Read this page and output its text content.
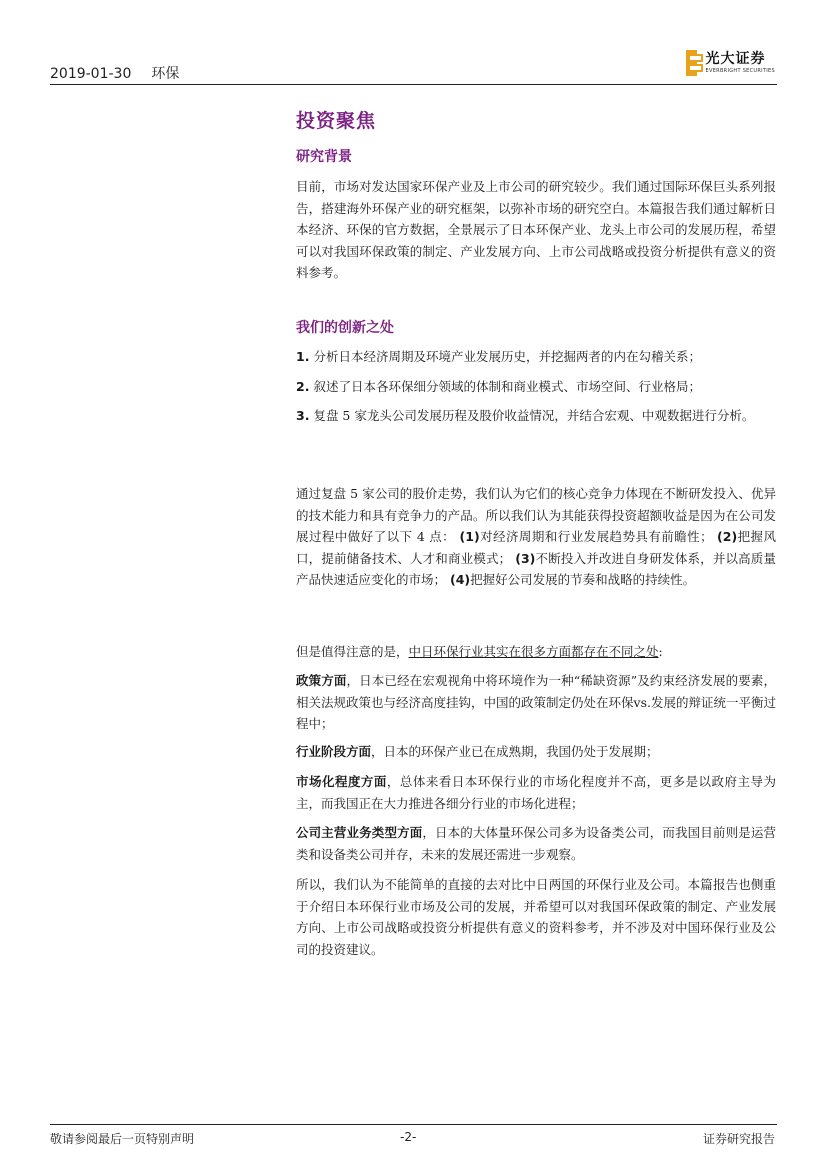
2019-01-30 环保
光大证券
EVERBRIGHT SECURITIES
投资聚焦
研究背景
目前，市场对发达国家环保产业及上市公司的研究较少。我们通过国际环保巨头系列报告，搭建海外环保产业的研究框架，以弥补市场的研究空白。本篇报告我们通过解析日本经济、环保的官方数据，全景展示了日本环保产业、龙头上市公司的发展历程，希望可以对我国环保政策的制定、产业发展方向、上市公司战略或投资分析提供有意义的资料参考。
我们的创新之处
1. 分析日本经济周期及环境产业发展历史，并挖掘两者的内在勾稽关系；
2. 叙述了日本各环保细分领域的体制和商业模式、市场空间、行业格局；
3. 复盘 5 家龙头公司发展历程及股价收益情况，并结合宏观、中观数据进行分析。
通过复盘 5 家公司的股价走势，我们认为它们的核心竞争力体现在不断研发投入、优异的技术能力和具有竞争力的产品。所以我们认为其能获得投资超额收益是因为在公司发展过程中做好了以下 4 点： (1)对经济周期和行业发展趋势具有前瞻性； (2)把握风口，提前储备技术、人才和商业模式； (3)不断投入并改进自身研发体系，并以高质量产品快速适应变化的市场； (4)把握好公司发展的节奏和战略的持续性。
但是值得注意的是，中日环保行业其实在很多方面都存在不同之处:
政策方面，日本已经在宏观视角中将环境作为一种“稀缺资源”及约束经济发展的要素，相关法规政策也与经济高度挂钩，中国的政策制定仍处在环保vs.发展的辩证统一平衡过程中；
行业阶段方面，日本的环保产业已在成熟期，我国仍处于发展期；
市场化程度方面，总体来看日本环保行业的市场化程度并不高，更多是以政府主导为主，而我国正在大力推进各细分行业的市场化进程；
公司主营业务类型方面，日本的大体量环保公司多为设备类公司，而我国目前则是运营类和设备类公司并存，未来的发展还需进一步观察。
所以，我们认为不能简单的直接的去对比中日两国的环保行业及公司。本篇报告也侧重于介绍日本环保行业市场及公司的发展，并希望可以对我国环保政策的制定、产业发展方向、上市公司战略或投资分析提供有意义的资料参考，并不涉及对中国环保行业及公司的投资建议。
敬请参阅最后一页特别声明	-2-	证券研究报告
